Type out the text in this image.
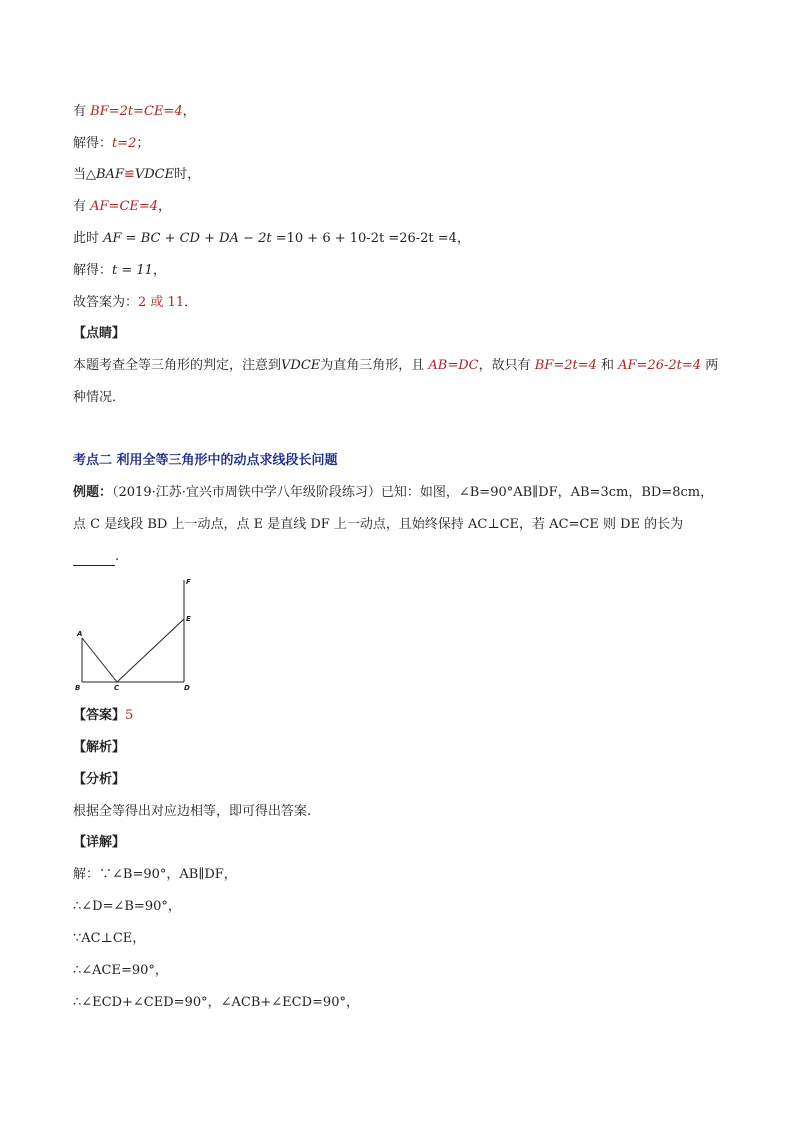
有 BF=2t=CE=4，
解得：t=2；
当△BAF≌VDCE时，
有 AF=CE=4，
此时 AF = BC + CD + DA − 2t =10 + 6 + 10-2t =26-2t =4，
解得：t = 11，
故答案为：2 或 11．
【点睛】
本题考查全等三角形的判定，注意到VDCE为直角三角形，且 AB=DC，故只有 BF=2t=4 和 AF=26-2t=4 两
种情况．
考点二 利用全等三角形中的动点求线段长问题
例题：（2019·江苏·宜兴市周铁中学八年级阶段练习）已知：如图，∠B=90°AB∥DF，AB=3cm，BD=8cm，
点 C 是线段 BD 上一动点，点 E 是直线 DF 上一动点，且始终保持 AC⊥CE，若 AC=CE 则 DE 的长为
.
A
B	C	D
E
F
【答案】5
【解析】
【分析】
根据全等得出对应边相等，即可得出答案.
【详解】
解：∵∠B=90°，AB∥DF，
∴∠D=∠B=90°，
∵AC⊥CE，
∴∠ACE=90°，
∴∠ECD+∠CED=90°，∠ACB+∠ECD=90°，
